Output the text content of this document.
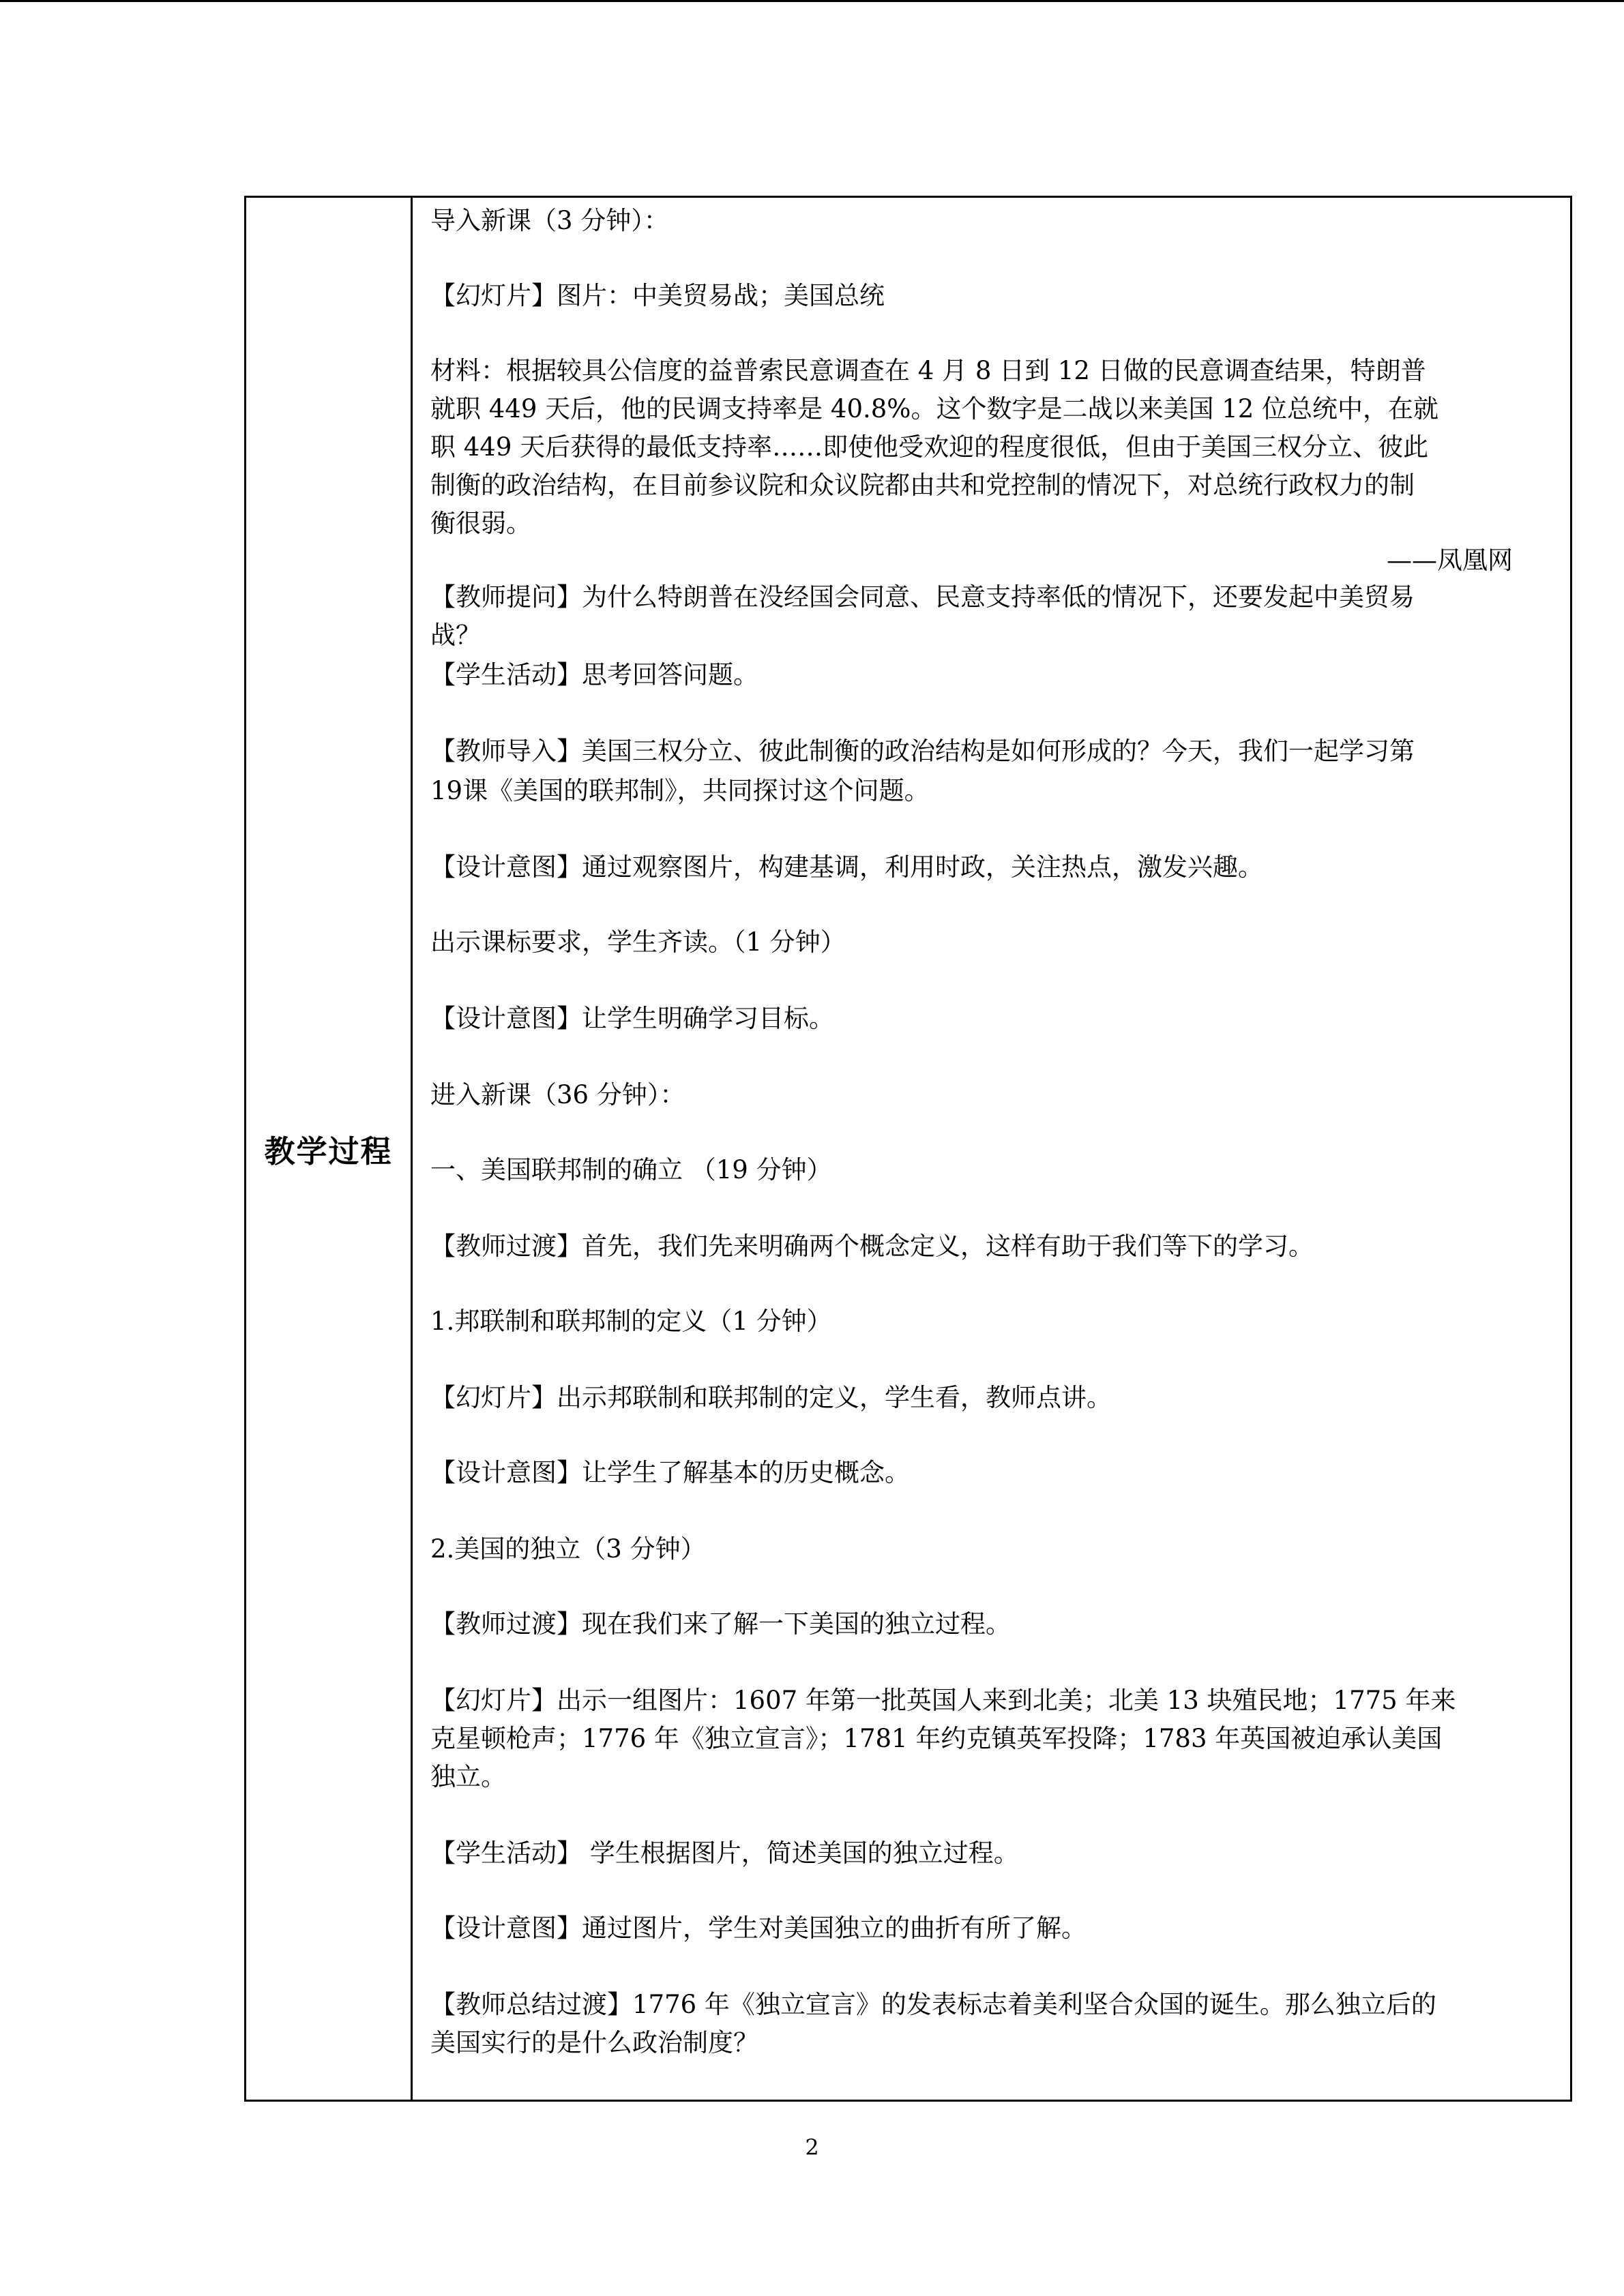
教学过程
导入新课（3 分钟）：
【幻灯片】图片：中美贸易战；美国总统
材料：根据较具公信度的益普索民意调查在 4 月 8 日到 12 日做的民意调查结果，特朗普
就职 449 天后，他的民调支持率是 40.8%。这个数字是二战以来美国 12 位总统中，在就
职 449 天后获得的最低支持率……即使他受欢迎的程度很低，但由于美国三权分立、彼此
制衡的政治结构，在目前参议院和众议院都由共和党控制的情况下，对总统行政权力的制
衡很弱。
——凤凰网
【教师提问】为什么特朗普在没经国会同意、民意支持率低的情况下，还要发起中美贸易
战？
【学生活动】思考回答问题。
【教师导入】美国三权分立、彼此制衡的政治结构是如何形成的？今天，我们一起学习第
19课《美国的联邦制》，共同探讨这个问题。
【设计意图】通过观察图片，构建基调，利用时政，关注热点，激发兴趣。
出示课标要求，学生齐读。（1 分钟）
【设计意图】让学生明确学习目标。
进入新课（36 分钟）：
一、美国联邦制的确立 （19 分钟）
【教师过渡】首先，我们先来明确两个概念定义，这样有助于我们等下的学习。
1.邦联制和联邦制的定义（1 分钟）
【幻灯片】出示邦联制和联邦制的定义，学生看，教师点讲。
【设计意图】让学生了解基本的历史概念。
2.美国的独立（3 分钟）
【教师过渡】现在我们来了解一下美国的独立过程。
【幻灯片】出示一组图片：1607 年第一批英国人来到北美；北美 13 块殖民地；1775 年来
克星顿枪声；1776 年《独立宣言》；1781 年约克镇英军投降；1783 年英国被迫承认美国
独立。
【学生活动】 学生根据图片，简述美国的独立过程。
【设计意图】通过图片，学生对美国独立的曲折有所了解。
【教师总结过渡】1776 年《独立宣言》的发表标志着美利坚合众国的诞生。那么独立后的
美国实行的是什么政治制度？
2
